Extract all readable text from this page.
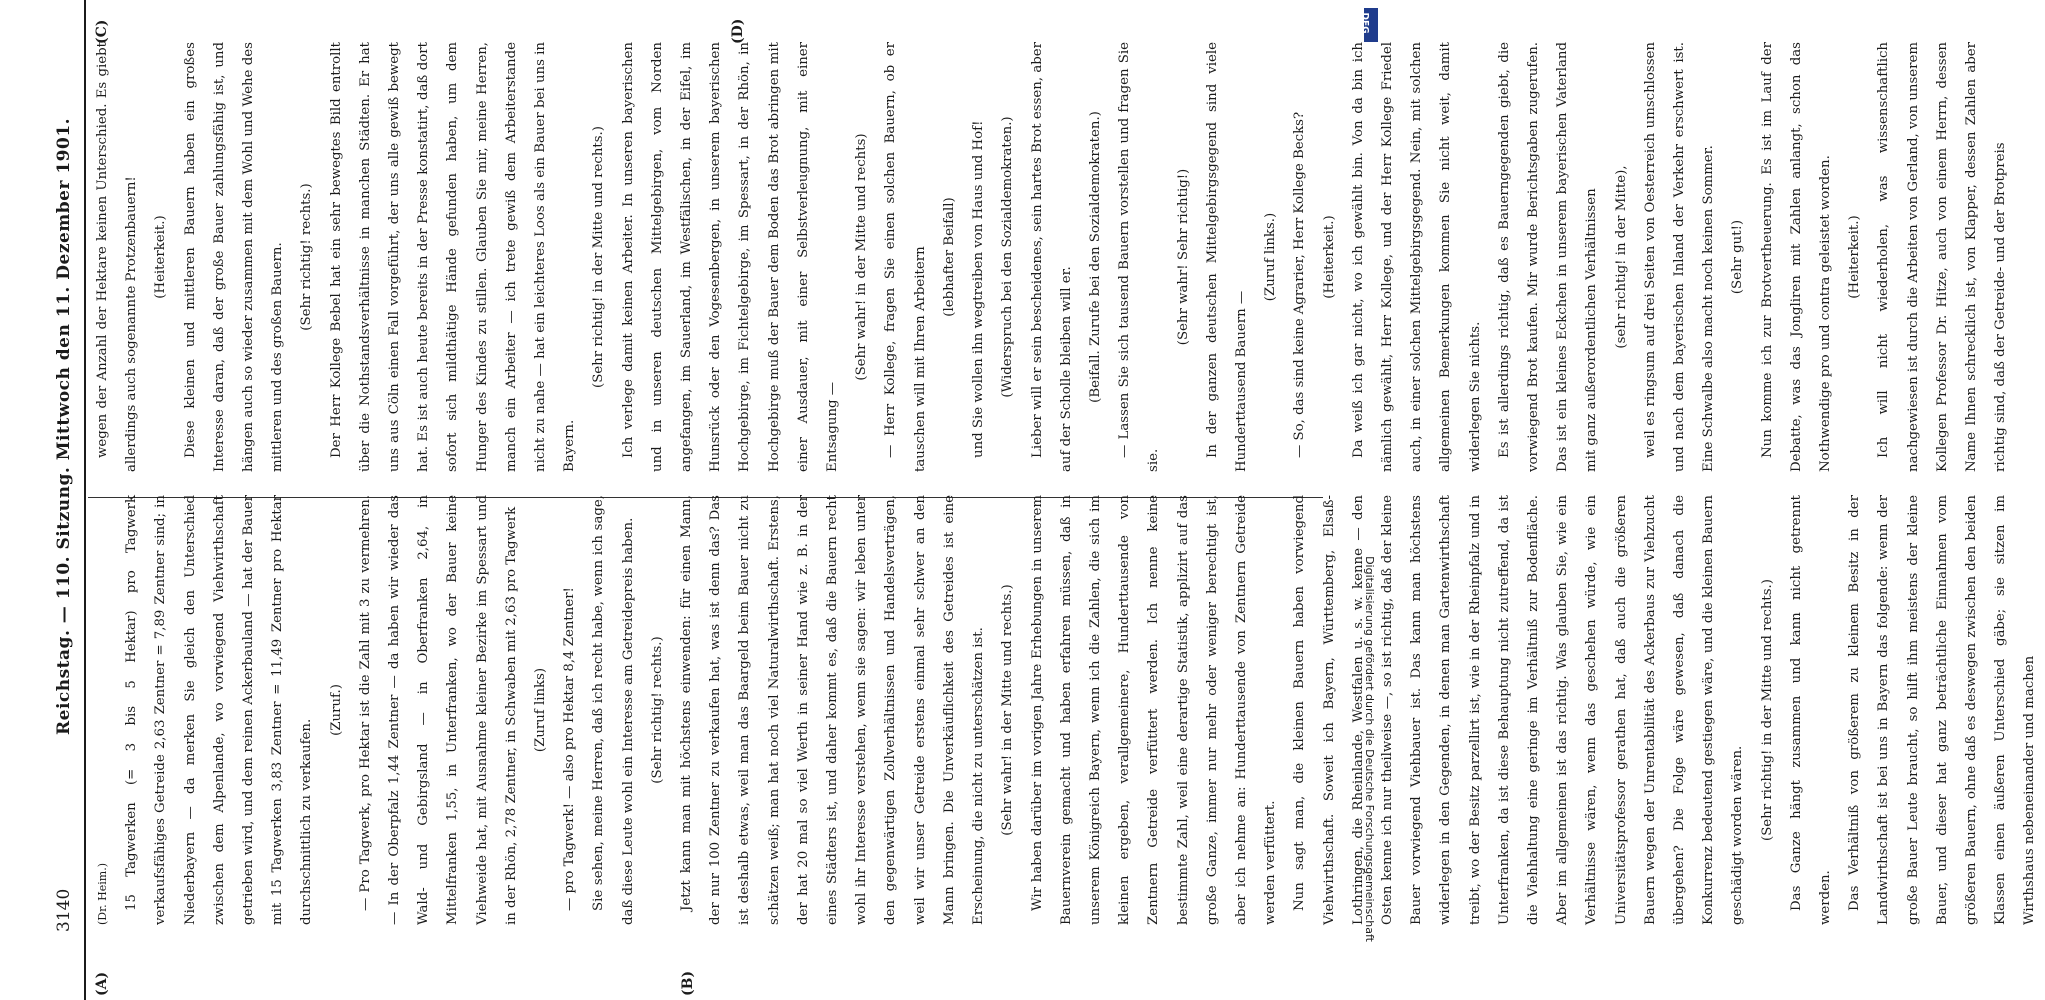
3140
Reichstag. — 110. Sitzung. Mittwoch den 11. Dezember 1901.
(A)	(B)
(C)	(D)

(Dr. Heim.)	15 Tagwerken (= 3 bis 5 Hektar) pro Tagwerk verkaufsfähiges Getreide 2,63 Zentner = 7,89 Zentner sind; in Niederbayern — da merken Sie gleich den Unterschied zwischen dem Alpenlande, wo vorwiegend Viehwirthschaft getrieben wird, und dem reinen Ackerbauland — hat der Bauer mit 15 Tagwerken 3,83 Zentner = 11,49 Zentner pro Hektar durchschnittlich zu verkaufen.

(Zuruf.)	— Pro Tagwerk, pro Hektar ist die Zahl mit 3 zu vermehren. — In der Oberpfalz 1,44 Zentner — da haben wir wieder das Wald- und Gebirgsland — in Oberfranken 2,64, in Mittelfranken 1,55, in Unterfranken, wo der Bauer keine Viehweide hat, mit Ausnahme kleiner Bezirke im Spessart und in der Rhön, 2,78 Zentner, in Schwaben mit 2,63 pro Tagwerk	(Zuruf links)	— pro Tagwerk! — also pro Hektar 8,4 Zentner!	Sie sehen, meine Herren, daß ich recht habe, wenn ich sage, daß diese Leute wohl ein Interesse am Getreidepreis haben.	(Sehr richtig! rechts.)	Jetzt kann man mit höchstens einwenden: für einen Mann, der nur 100 Zentner zu verkaufen hat, was ist denn das? Das ist deshalb etwas, weil man das Baargeld beim Bauer nicht zu schätzen weiß; man hat noch viel Naturalwirthschaft. Erstens, der hat 20 mal so viel Werth in seiner Hand wie z. B. in der eines Städters ist, und daher kommt es, daß die Bauern recht wohl ihr Interesse verstehen, wenn sie sagen: wir leben unter den gegenwärtigen Zollverhältnissen und Handelsverträgen, weil wir unser Getreide erstens einmal sehr schwer an den Mann bringen. Die Unverkäuflichkeit des Getreides ist eine Erscheinung, die nicht zu unterschätzen ist.	(Sehr wahr! in der Mitte und rechts.)	Wir haben darüber im vorigen Jahre Erhebungen in unserem Bauernverein gemacht und haben erfahren müssen, daß in unserem Königreich Bayern, wenn ich die Zahlen, die sich im kleinen ergeben, verallgemeinere, Hunderttausende von Zentnern Getreide verfüttert werden. Ich nenne keine bestimmte Zahl, weil eine derartige Statistik, applizirt auf das große Ganze, immer nur mehr oder weniger berechtigt ist, aber ich nehme an: Hunderttausende von Zentnern Getreide werden verfüttert.	Nun sagt man, die kleinen Bauern haben vorwiegend Viehwirthschaft. Soweit ich Bayern, Württemberg, Elsaß-Lothringen, die Rheinlande, Westfalen u. s. w. kenne — den Osten kenne ich nur theilweise —, so ist richtig, daß der kleine Bauer vorwiegend Viehbauer ist. Das kann man höchstens widerlegen in den Gegenden, in denen man Gartenwirthschaft treibt, wo der Besitz parzellirt ist, wie in der Rheinpfalz und in Unterfranken, da ist diese Behauptung nicht zutreffend, da ist die Viehhaltung eine geringe im Verhältniß zur Bodenfläche. Aber im allgemeinen ist das richtig. Was glauben Sie, wie ein Verhältnisse wären, wenn das geschehen würde, wie ein Universitätsprofessor gerathen hat, daß auch die größeren Bauern wegen der Unrentabilität des Ackerbaus zur Viehzucht übergehen? Die Folge wäre gewesen, daß danach die Konkurrenz bedeutend gestiegen wäre, und die kleinen Bauern geschädigt worden wären.	(Sehr richtig! in der Mitte und rechts.)	Das Ganze hängt zusammen und kann nicht getrennt werden.	Das Verhältniß von größerem zu kleinem Besitz in der Landwirthschaft ist bei uns in Bayern das folgende: wenn der große Bauer Leute braucht, so hilft ihm meistens der kleine Bauer, und dieser hat ganz beträchtliche Einnahmen vom größeren Bauern, ohne daß es deswegen zwischen den beiden Klassen einen äußeren Unterschied gäbe; sie sitzen im Wirthshaus nebeneinander und machen

wegen der Anzahl der Hektare keinen Unterschied. Es giebt allerdings auch sogenannte Protzenbauern!	(Heiterkeit.)	Diese kleinen und mittleren Bauern haben ein großes Interesse daran, daß der große Bauer zahlungsfähig ist, und hängen auch so wieder zusammen mit dem Wohl und Wehe des mittleren und des großen Bauern.	(Sehr richtig! rechts.)	Der Herr Kollege Bebel hat ein sehr bewegtes Bild entrollt über die Nothstandsverhältnisse in manchen Städten. Er hat uns aus Cöln einen Fall vorgeführt, der uns alle gewiß bewegt hat. Es ist auch heute bereits in der Presse konstatirt, daß dort sofort sich mildthätige Hände gefunden haben, um dem Hunger des Kindes zu stillen. Glauben Sie mir, meine Herren, manch ein Arbeiter — ich trete gewiß dem Arbeiterstande nicht zu nahe — hat ein leichteres Loos als ein Bauer bei uns in Bayern.

(Sehr richtig! in der Mitte und rechts.)	Ich verlege damit keinen Arbeiter. In unseren bayerischen und in unseren deutschen Mittelgebirgen, vom Norden angefangen, im Sauerland, im Westfälischen, in der Eifel, im Hunsrück oder den Vogesenbergen, in unserem bayerischen Hochgebirge, im Fichtelgebirge, im Spessart, in der Rhön, in Hochgebirge muß der Bauer dem Boden das Brot abringen mit einer Ausdauer, mit einer Selbstverleugnung, mit einer Entsagung —

(Sehr wahr! in der Mitte und rechts)	— Herr Kollege, fragen Sie einen solchen Bauern, ob er tauschen will mit Ihren Arbeitern	(lebhafter Beifall)	und Sie wollen ihn wegtreiben von Haus und Hof!	(Widerspruch bei den Sozialdemokraten.)	Lieber will er sein bescheidenes, sein hartes Brot essen, aber auf der Scholle bleiben will er.	(Beifall. Zurufe bei den Sozialdemokraten.)	— Lassen Sie sich tausend Bauern vorstellen und fragen Sie sie.

(Sehr wahr! Sehr richtig!)	In der ganzen deutschen Mittelgebirgsgegend sind viele Hunderttausend Bauern —

(Zuruf links.)	— So, das sind keine Agrarier, Herr Kollege Becks?	(Heiterkeit.)	Da weiß ich gar nicht, wo ich gewählt bin. Von da bin ich nämlich gewählt, Herr Kollege, und der Herr Kollege Friedel auch, in einer solchen Mittelgebirgsgegend. Nein, mit solchen allgemeinen Bemerkungen kommen Sie nicht weit, damit widerlegen Sie nichts.	Es ist allerdings richtig, daß es Bauerngegenden giebt, die vorwiegend Brot kaufen. Mir wurde Berichtsgaben zugerufen. Das ist ein kleines Eckchen in unserem bayerischen Vaterland mit ganz außerordentlichen Verhältnissen	(sehr richtig! in der Mitte),	weil es ringsum auf drei Seiten von Oesterreich umschlossen und nach dem bayerischen Inland der Verkehr erschwert ist. Eine Schwalbe also macht noch keinen Sommer.	(Sehr gut!)	Nun komme ich zur Brotvertheuerung. Es ist im Lauf der Debatte, was das Jongliren mit Zahlen anlangt, schon das Nothwendige pro und contra geleistet worden.	(Heiterkeit.)	Ich will nicht wiederholen, was wissenschaftlich nachgewiesen ist durch die Arbeiten von Gerland, von unserem Kollegen Professor Dr. Hitze, auch von einem Herrn, dessen Name Ihnen schrecklich ist, von Klapper, dessen Zahlen aber richtig sind, daß der Getreide- und der Brotpreis

DFG
Digitalisierung gefördert durch die Deutsche Forschungsgemeinschaft
